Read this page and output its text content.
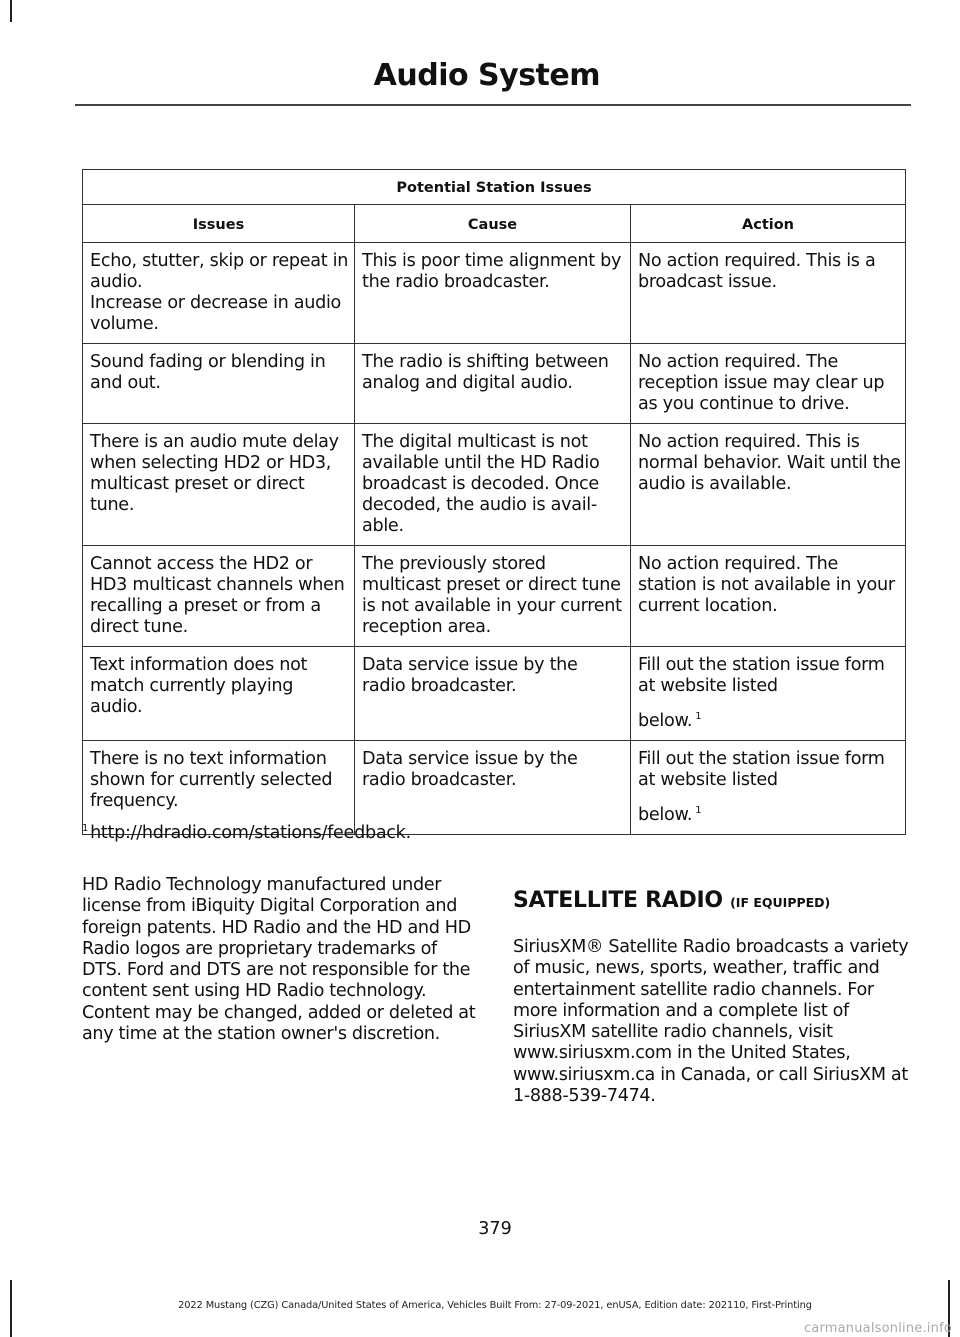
Audio System
Potential Station Issues		
Issues	Cause	Action
Echo, stutter, skip or repeat in audio.
Increase or decrease in audio volume.	This is poor time alignment by the radio broadcaster.	No action required. This is a broadcast issue.
Sound fading or blending in and out.	The radio is shifting between analog and digital audio.	No action required. The reception issue may clear up as you continue to drive.
There is an audio mute delay when selecting HD2 or HD3, multicast preset or direct tune.	The digital multicast is not available until the HD Radio broadcast is decoded. Once decoded, the audio is avail-able.	No action required. This is normal behavior. Wait until the audio is available.
Cannot access the HD2 or HD3 multicast channels when recalling a preset or from a direct tune.	The previously stored multicast preset or direct tune is not available in your current reception area.	No action required. The station is not available in your current location.
Text information does not match currently playing audio.	Data service issue by the radio broadcaster.	Fill out the station issue form at website listed
below. $^1$

There is no text information shown for currently selected frequency.	Data service issue by the radio broadcaster.	Fill out the station issue form at website listed
below. $^1$
$^1$ http://hdradio.com/stations/feedback.
HD Radio Technology manufactured under license from iBiquity Digital Corporation and foreign patents. HD Radio and the HD and HD Radio logos are proprietary trademarks of DTS. Ford and DTS are not responsible for the content sent using HD Radio technology. Content may be changed, added or deleted at any time at the station owner's discretion.
SATELLITE RADIO (IF EQUIPPED)
SiriusXM® Satellite Radio broadcasts a variety of music, news, sports, weather, traffic and entertainment satellite radio channels. For more information and a complete list of SiriusXM satellite radio channels, visit www.siriusxm.com in the United States, www.siriusxm.ca in Canada, or call SiriusXM at 1-888-539-7474.
379
2022 Mustang (CZG) Canada/United States of America, Vehicles Built From: 27-09-2021, enUSA, Edition date: 202110, First-Printing
carmanualsonline.info
